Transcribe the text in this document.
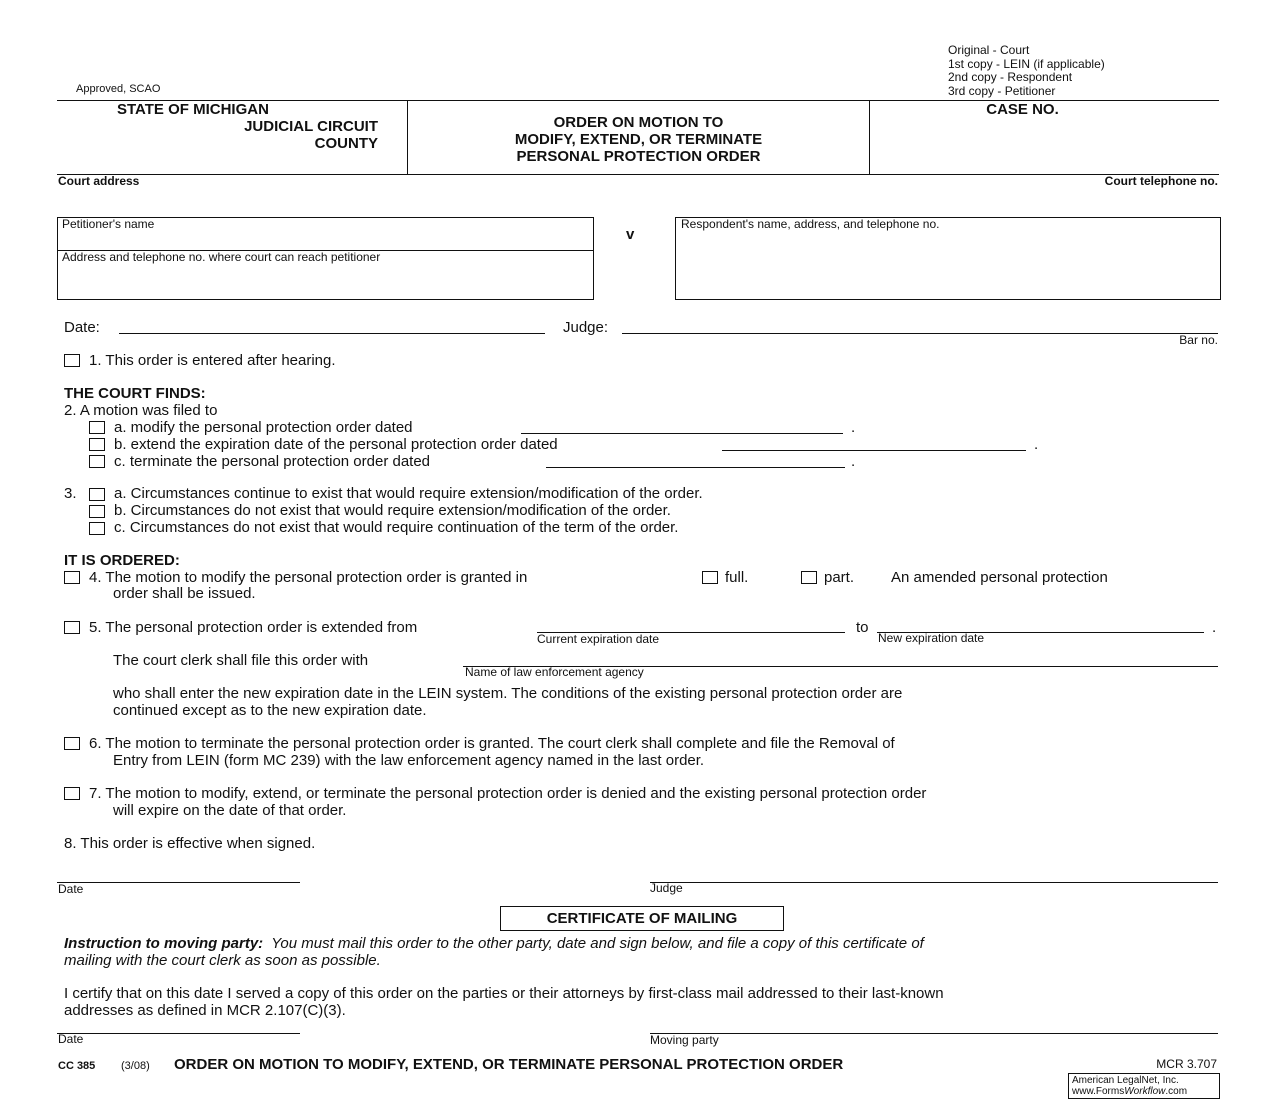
Approved, SCAO
Original - Court
1st copy - LEIN (if applicable)
2nd copy - Respondent
3rd copy - Petitioner
STATE OF MICHIGAN
JUDICIAL CIRCUIT
COUNTY
ORDER ON MOTION TO
MODIFY, EXTEND, OR TERMINATE
PERSONAL PROTECTION ORDER
CASE NO.
Court address	Court telephone no.
Petitioner's name
Address and telephone no. where court can reach petitioner
v
Respondent's name, address, and telephone no.
Date:	Judge:
Bar no.
1. This order is entered after hearing.
THE COURT FINDS:
2. A motion was filed to
a. modify the personal protection order dated	.
b. extend the expiration date of the personal protection order dated	.
c. terminate the personal protection order dated	.
3. a. Circumstances continue to exist that would require extension/modification of the order.
b. Circumstances do not exist that would require extension/modification of the order.
c. Circumstances do not exist that would require continuation of the term of the order.
IT IS ORDERED:
4. The motion to modify the personal protection order is granted in	full.	part. An amended personal protection
order shall be issued.
5. The personal protection order is extended from
Current expiration date
to
New expiration date
.
The court clerk shall file this order with
Name of law enforcement agency
who shall enter the new expiration date in the LEIN system. The conditions of the existing personal protection order are
continued except as to the new expiration date.
6. The motion to terminate the personal protection order is granted. The court clerk shall complete and file the Removal of
Entry from LEIN (form MC 239) with the law enforcement agency named in the last order.
7. The motion to modify, extend, or terminate the personal protection order is denied and the existing personal protection order
will expire on the date of that order.
8. This order is effective when signed.
Date	Judge
CERTIFICATE OF MAILING
Instruction to moving party: You must mail this order to the other party, date and sign below, and file a copy of this certificate of
mailing with the court clerk as soon as possible.
I certify that on this date I served a copy of this order on the parties or their attorneys by first-class mail addressed to their last-known
addresses as defined in MCR 2.107(C)(3).
Date	Moving party
CC 385 (3/08) ORDER ON MOTION TO MODIFY, EXTEND, OR TERMINATE PERSONAL PROTECTION ORDER	MCR 3.707
American LegalNet, Inc.
www.FormsWorkflow.com
